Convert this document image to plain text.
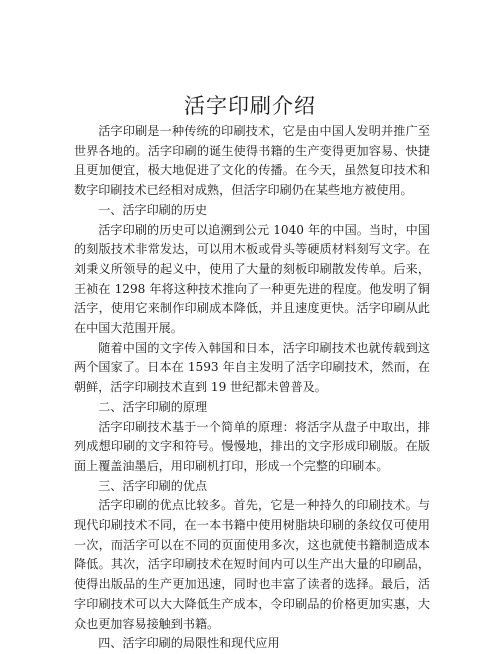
活字印刷介绍

活字印刷是一种传统的印刷技术，它是由中国人发明并推广至世界各地的。活字印刷的诞生使得书籍的生产变得更加容易、快捷且更加便宜，极大地促进了文化的传播。在今天，虽然复印技术和数字印刷技术已经相对成熟，但活字印刷仍在某些地方被使用。

一、活字印刷的历史

活字印刷的历史可以追溯到公元 1040 年的中国。当时，中国的刻版技术非常发达，可以用木板或骨头等硬质材料刻写文字。在刘秉义所领导的起义中，使用了大量的刻板印刷散发传单。后来，王祯在 1298 年将这种技术推向了一种更先进的程度。他发明了铜活字，使用它来制作印刷成本降低，并且速度更快。活字印刷从此在中国大范围开展。

随着中国的文字传入韩国和日本，活字印刷技术也就传载到这两个国家了。日本在 1593 年自主发明了活字印刷技术，然而，在朝鲜，活字印刷技术直到 19 世纪都未曾普及。

二、活字印刷的原理

活字印刷技术基于一个简单的原理：将活字从盘子中取出，排列成想印刷的文字和符号。慢慢地，排出的文字形成印刷版。在版面上覆盖油墨后，用印刷机打印，形成一个完整的印刷本。

三、活字印刷的优点

活字印刷的优点比较多。首先，它是一种持久的印刷技术。与现代印刷技术不同，在一本书籍中使用树脂块印刷的条纹仅可使用一次，而活字可以在不同的页面使用多次，这也就使书籍制造成本降低。其次，活字印刷技术在短时间内可以生产出大量的印刷品，使得出版品的生产更加迅速，同时也丰富了读者的选择。最后，活字印刷技术可以大大降低生产成本，令印刷品的价格更加实惠，大众也更加容易接触到书籍。

四、活字印刷的局限性和现代应用
